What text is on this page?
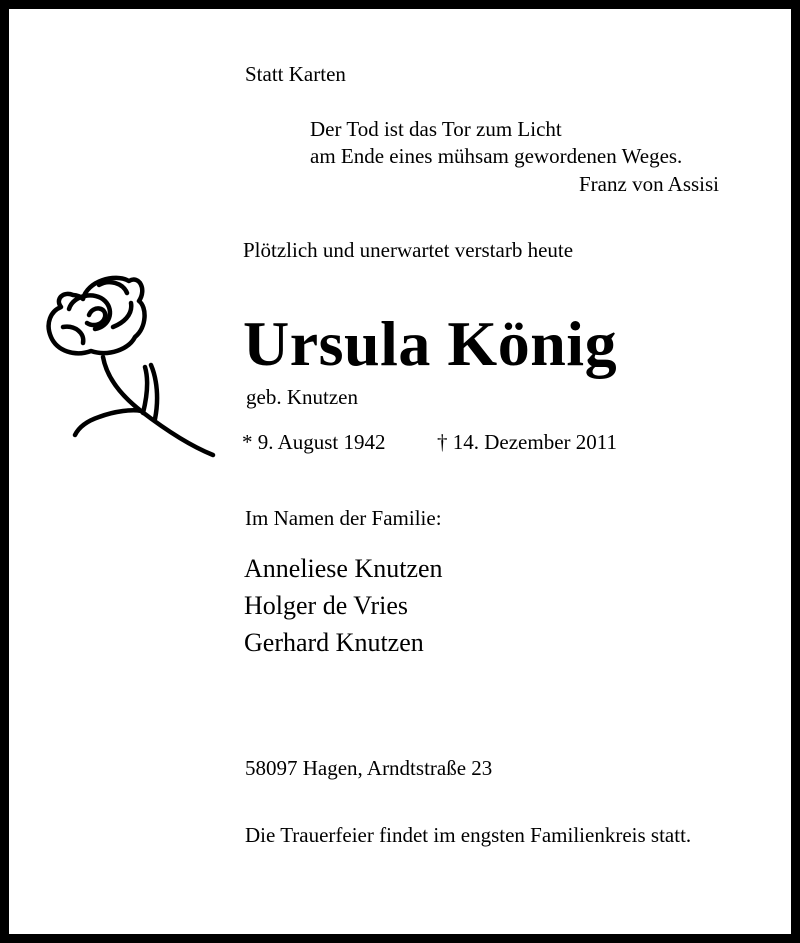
Statt Karten
Der Tod ist das Tor zum Licht
am Ende eines mühsam gewordenen Weges.
Franz von Assisi
Plötzlich und unerwartet verstarb heute
Ursula König
geb. Knutzen
* 9. August 1942 † 14. Dezember 2011
Im Namen der Familie:
Anneliese Knutzen
Holger de Vries
Gerhard Knutzen
58097 Hagen, Arndtstraße 23
Die Trauerfeier findet im engsten Familienkreis statt.
